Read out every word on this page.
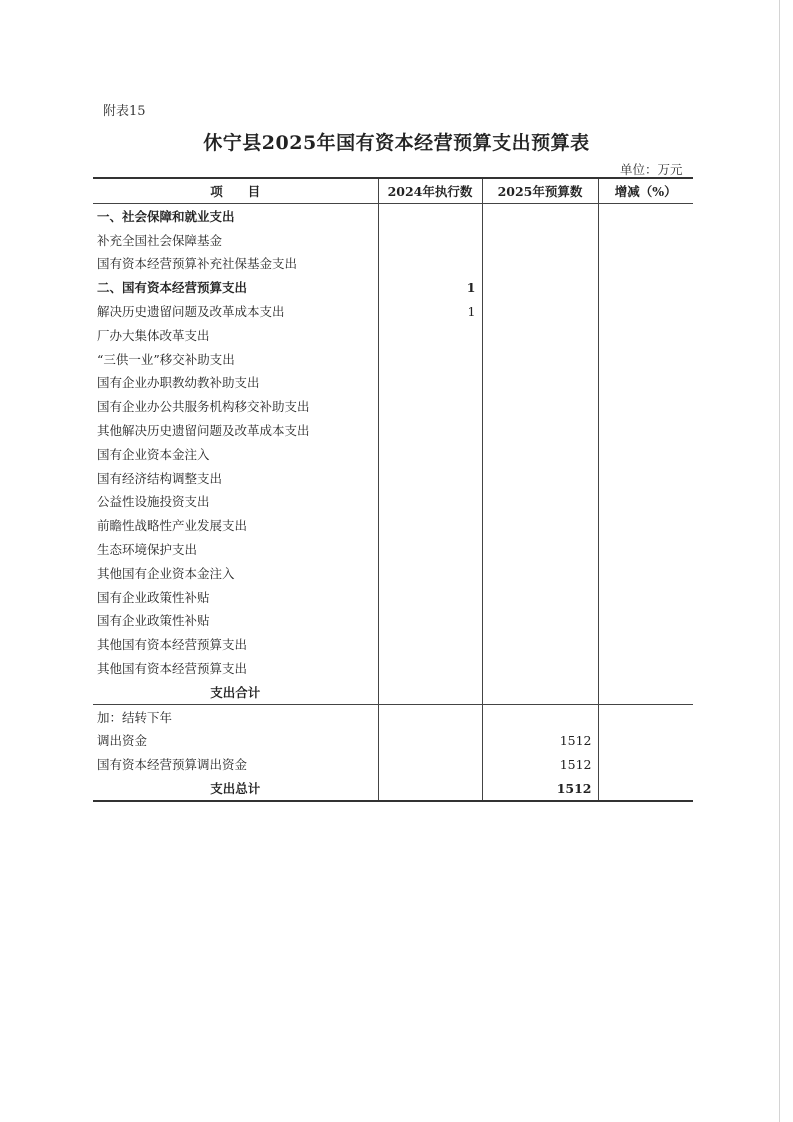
附表15
休宁县2025年国有资本经营预算支出预算表
单位：万元
项　　目	2024年执行数	2025年预算数	增减（%）
一、社会保障和就业支出			
补充全国社会保障基金			
国有资本经营预算补充社保基金支出			
二、国有资本经营预算支出	1		
解决历史遗留问题及改革成本支出	1		
厂办大集体改革支出			
“三供一业”移交补助支出			
国有企业办职教幼教补助支出			
国有企业办公共服务机构移交补助支出			
其他解决历史遗留问题及改革成本支出			
国有企业资本金注入			
国有经济结构调整支出			
公益性设施投资支出			
前瞻性战略性产业发展支出			
生态环境保护支出			
其他国有企业资本金注入			
国有企业政策性补贴			
国有企业政策性补贴			
其他国有资本经营预算支出			
其他国有资本经营预算支出			
支出合计			
加：结转下年			
调出资金		1512	
国有资本经营预算调出资金		1512	
支出总计		1512	
